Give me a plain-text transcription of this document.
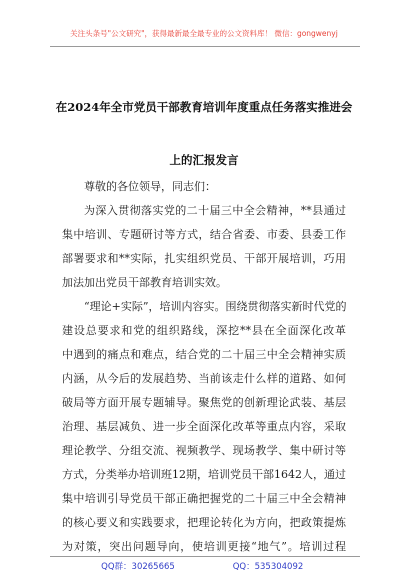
关注头条号"公文研究"，获得最新最全最专业的公文资料库！ 微信：gongwenyj
在2024年全市党员干部教育培训年度重点任务落实推进会
上的汇报发言
尊敬的各位领导，同志们：
为深入贯彻落实党的二十届三中全会精神，**县通过
集中培训、专题研讨等方式，结合省委、市委、县委工作
部署要求和**实际，扎实组织党员、干部开展培训，巧用
加法加出党员干部教育培训实效。
“理论+实际”，培训内容实。围绕贯彻落实新时代党的
建设总要求和党的组织路线，深挖**县在全面深化改革
中遇到的痛点和难点，结合党的二十届三中全会精神实质
内涵，从今后的发展趋势、当前该走什么样的道路、如何
破局等方面开展专题辅导。聚焦党的创新理论武装、基层
治理、基层减负、进一步全面深化改革等重点内容，采取
理论教学、分组交流、视频教学、现场教学、集中研讨等
方式，分类举办培训班12期，培训党员干部1642人，通过
集中培训引导党员干部正确把握党的二十届三中全会精神
的核心要义和实践要求，把理论转化为方向，把政策提炼
为对策，突出问题导向，使培训更接“地气”。培训过程
QQ群：30265665	QQ：535304092
